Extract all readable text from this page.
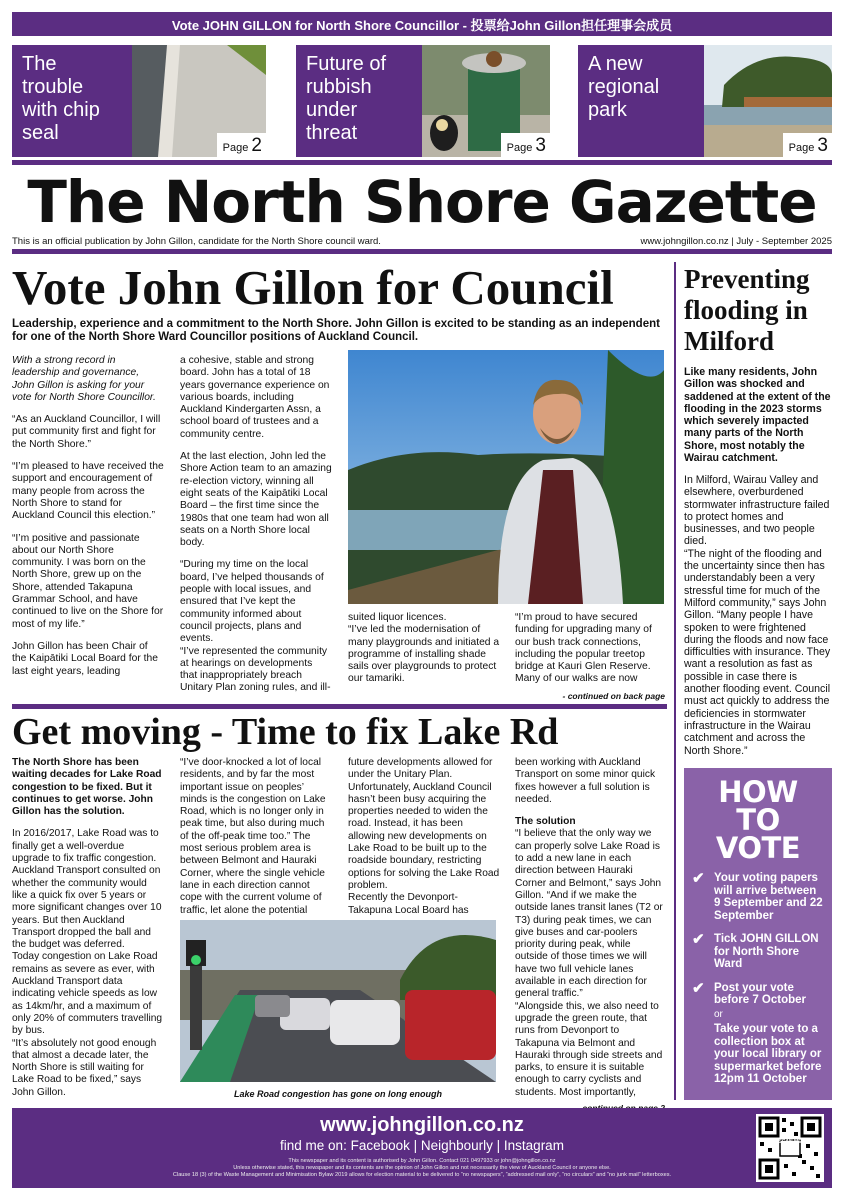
Vote JOHN GILLON for North Shore Councillor - 投票给John Gillon担任理事会成员
The trouble with chip seal
Page 2
Future of rubbish under threat
Page 3
A new regional park
Page 3
The North Shore Gazette
This is an official publication by John Gillon, candidate for the North Shore council ward.	www.johngillon.co.nz | July - September 2025
Vote John Gillon for Council
Leadership, experience and a commitment to the North Shore. John Gillon is excited to be standing as an independent for one of the North Shore Ward Councillor positions of Auckland Council.

With a strong record in leadership and governance, John Gillon is asking for your vote for North Shore Councillor.

“As an Auckland Councillor, I will put community first and fight for the North Shore.”

“I’m pleased to have received the support and encouragement of many people from across the North Shore to stand for Auckland Council this election.”

“I’m positive and passionate about our North Shore community. I was born on the North Shore, grew up on the Shore, attended Takapuna Grammar School, and have continued to live on the Shore for most of my life.”

John Gillon has been Chair of the Kaipātiki Local Board for the last eight years, leading

a cohesive, stable and strong board. John has a total of 18 years governance experience on various boards, including Auckland Kindergarten Assn, a school board of trustees and a community centre.

At the last election, John led the Shore Action team to an amazing re-election victory, winning all eight seats of the Kaipātiki Local Board – the first time since the 1980s that one team had won all seats on a North Shore local body.

“During my time on the local board, I’ve helped thousands of people with local issues, and ensured that I’ve kept the community informed about council projects, plans and events.

“I’ve represented the community at hearings on developments that inappropriately breach Unitary Plan zoning rules, and ill-

suited liquor licences.

“I’ve led the modernisation of many playgrounds and initiated a programme of installing shade sails over playgrounds to protect our tamariki.

“I’m proud to have secured funding for upgrading many of our bush track connections, including the popular treetop bridge at Kauri Glen Reserve. Many of our walks are now

- continued on back page
Preventing flooding in Milford
Like many residents, John Gillon was shocked and saddened at the extent of the flooding in the 2023 storms which severely impacted many parts of the North Shore, most notably the Wairau catchment.

In Milford, Wairau Valley and elsewhere, overburdened stormwater infrastructure failed to protect homes and businesses, and two people died.

“The night of the flooding and the uncertainty since then has understandably been a very stressful time for much of the Milford community,” says John Gillon. “Many people I have spoken to were frightened during the floods and now face difficulties with insurance. They want a resolution as fast as possible in case there is another flooding event. Council must act quickly to address the deficiencies in stormwater infrastructure in the Wairau catchment and across the North Shore.”

Get moving - Time to fix Lake Rd

The North Shore has been waiting decades for Lake Road congestion to be fixed. But it continues to get worse. John Gillon has the solution.

In 2016/2017, Lake Road was to finally get a well-overdue upgrade to fix traffic congestion. Auckland Transport consulted on whether the community would like a quick fix over 5 years or more significant changes over 10 years. But then Auckland Transport dropped the ball and the budget was deferred.

Today congestion on Lake Road remains as severe as ever, with Auckland Transport data indicating vehicle speeds as low as 14km/hr, and a maximum of only 20% of commuters travelling by bus.

“It’s absolutely not good enough that almost a decade later, the North Shore is still waiting for Lake Road to be fixed,” says John Gillon.

“I’ve door-knocked a lot of local residents, and by far the most important issue on peoples’ minds is the congestion on Lake Road, which is no longer only in peak time, but also during much of the off-peak time too.” The most serious problem area is between Belmont and Hauraki Corner, where the single vehicle lane in each direction cannot cope with the current volume of traffic, let alone the potential

future developments allowed for under the Unitary Plan.

Unfortunately, Auckland Council hasn’t been busy acquiring the properties needed to widen the road. Instead, it has been allowing new developments on Lake Road to be built up to the roadside boundary, restricting options for solving the Lake Road problem.

Recently the Devonport-Takapuna Local Board has

been working with Auckland Transport on some minor quick fixes however a full solution is needed.

The solution

“I believe that the only way we can properly solve Lake Road is to add a new lane in each direction between Hauraki Corner and Belmont,” says John Gillon. “And if we make the outside lanes transit lanes (T2 or T3) during peak times, we can give buses and car-poolers priority during peak, while outside of those times we will have two full vehicle lanes available in each direction for general traffic.”

“Alongside this, we also need to upgrade the green route, that runs from Devonport to Takapuna via Belmont and Hauraki through side streets and parks, to ensure it is suitable enough to carry cyclists and students. Most importantly,

Lake Road congestion has gone on long enough
HOW TO VOTE
✔ Your voting papers will arrive between 9 September and 22 September
✔ Tick JOHN GILLON for North Shore Ward
✔ Post your vote before 7 October
or
Take your vote to a collection box at your local library or supermarket before 12pm 11 October
www.johngillon.co.nz
find me on: Facebook | Neighbourly | Instagram
This newspaper and its content is authorised by John Gillon. Contact 021 0497933 or john@johngillon.co.nz
Unless otherwise stated, this newspaper and its contents are the opinion of John Gillon and not necessarily the view of Auckland Council or anyone else.
Clause 18 (3) of the Waste Management and Minimisation Bylaw 2019 allows for election material to be delivered to “no newspapers”, “addressed mail only”, “no circulars” and “no junk mail” letterboxes.
SCAN ME
